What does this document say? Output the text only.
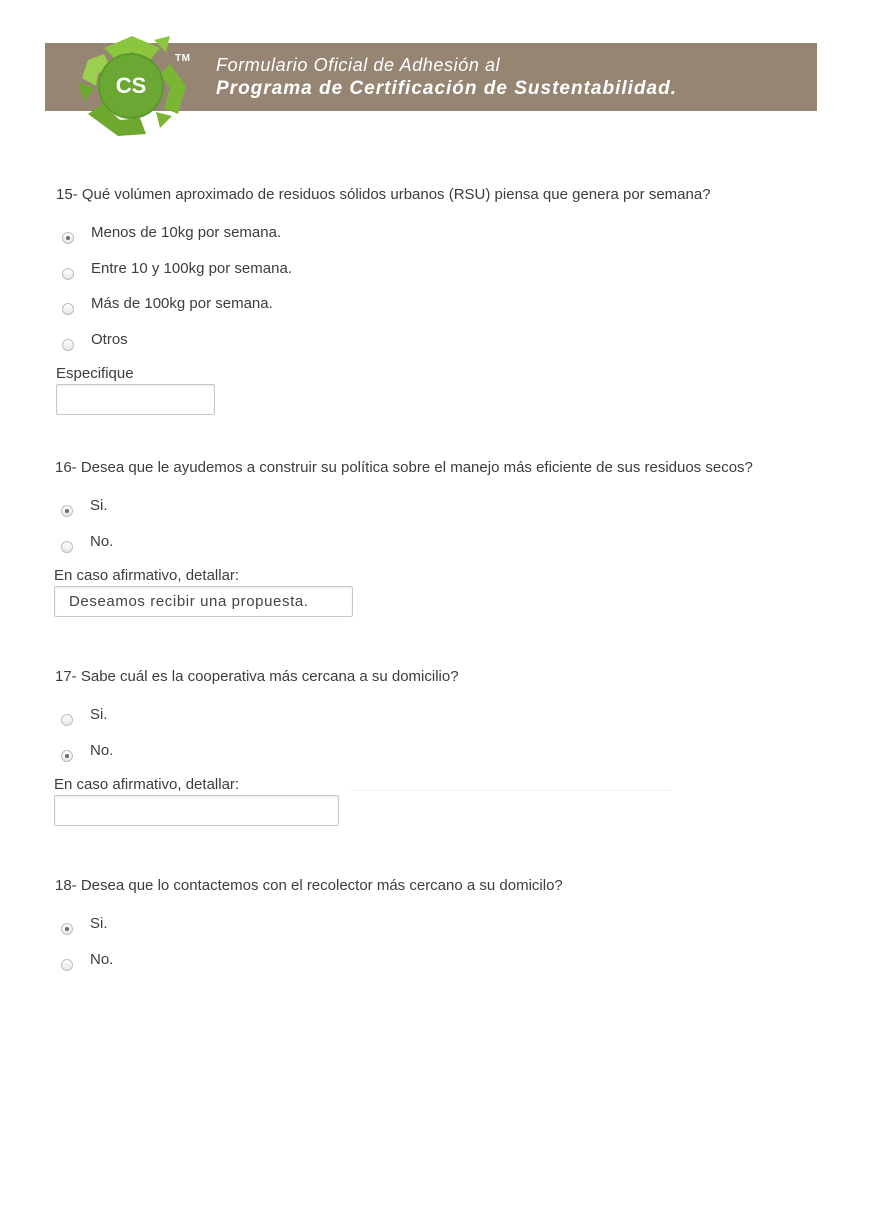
CS
TM Formulario Oficial de Adhesión al
Programa de Certificación de Sustentabilidad.
15- Qué volúmen aproximado de residuos sólidos urbanos (RSU) piensa que genera por semana?
Menos de 10kg por semana.
Entre 10 y 100kg por semana.
Más de 100kg por semana.
Otros
Especifique
16- Desea que le ayudemos a construir su política sobre el manejo más eficiente de sus residuos secos?
Si.
No.
En caso afirmativo, detallar:
Deseamos recibir una propuesta.
17- Sabe cuál es la cooperativa más cercana a su domicilio?
Si.
No.
En caso afirmativo, detallar:
18- Desea que lo contactemos con el recolector más cercano a su domicilo?
Si.
No.
